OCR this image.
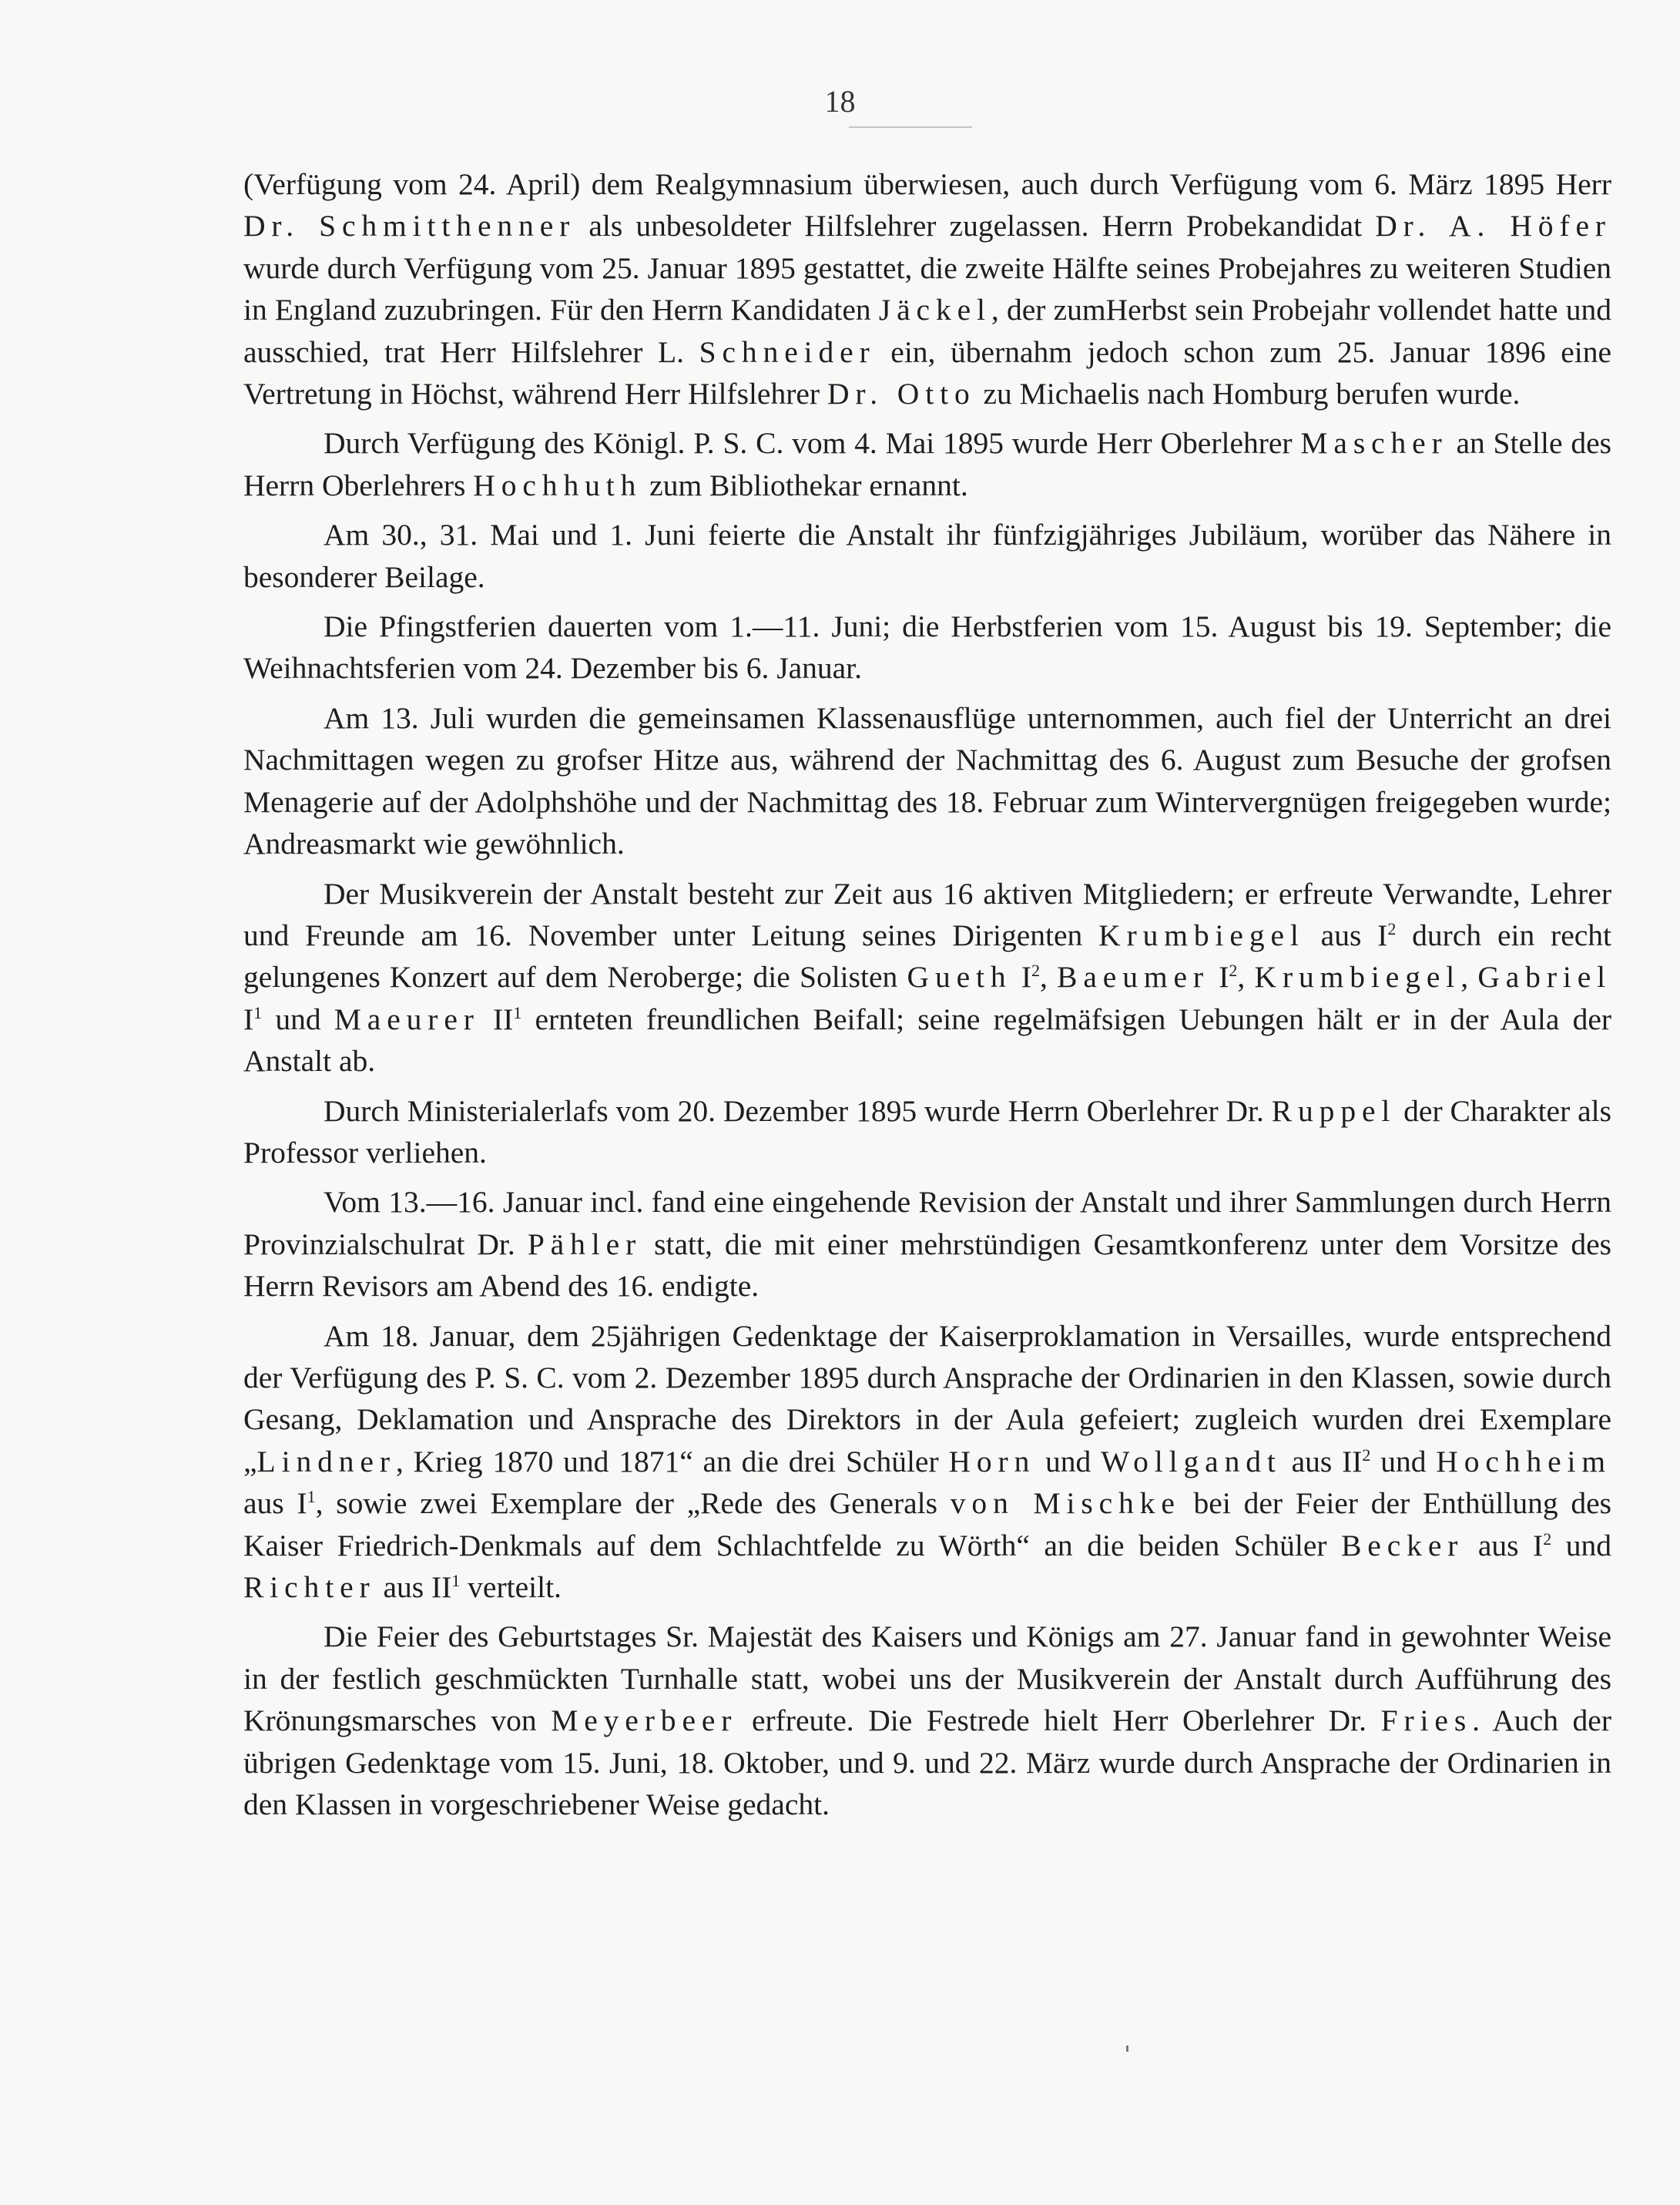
18

(Verfügung vom 24. April) dem Realgymnasium überwiesen, auch durch Verfügung vom 6. März 1895 Herr Dr. Schmitthenner als unbesoldeter Hilfslehrer zugelassen. Herrn Probekandidat Dr. A. Höfer wurde durch Verfügung vom 25. Januar 1895 gestattet, die zweite Hälfte seines Probejahres zu weiteren Studien in England zuzubringen. Für den Herrn Kandidaten Jäckel, der zumHerbst sein Probejahr vollendet hatte und ausschied, trat Herr Hilfslehrer L. Schneider ein, übernahm jedoch schon zum 25. Januar 1896 eine Vertretung in Höchst, während Herr Hilfslehrer Dr. Otto zu Michaelis nach Homburg berufen wurde.

Durch Verfügung des Königl. P. S. C. vom 4. Mai 1895 wurde Herr Oberlehrer Mascher an Stelle des Herrn Oberlehrers Hochhuth zum Bibliothekar ernannt.

Am 30., 31. Mai und 1. Juni feierte die Anstalt ihr fünfzigjähriges Jubiläum, worüber das Nähere in besonderer Beilage.

Die Pfingstferien dauerten vom 1.—11. Juni; die Herbstferien vom 15. August bis 19. September; die Weihnachtsferien vom 24. Dezember bis 6. Januar.

Am 13. Juli wurden die gemeinsamen Klassenausflüge unternommen, auch fiel der Unterricht an drei Nachmittagen wegen zu grofser Hitze aus, während der Nachmittag des 6. August zum Besuche der grofsen Menagerie auf der Adolphshöhe und der Nachmittag des 18. Februar zum Wintervergnügen freigegeben wurde; Andreasmarkt wie gewöhnlich.

Der Musikverein der Anstalt besteht zur Zeit aus 16 aktiven Mitgliedern; er erfreute Verwandte, Lehrer und Freunde am 16. November unter Leitung seines Dirigenten Krumbiegel aus $I^2$ durch ein recht gelungenes Konzert auf dem Neroberge; die Solisten Gueth $I^2$, Baeumer $I^2$, Krumbiegel, Gabriel $I^1$ und Maeurer $II^1$ ernteten freundlichen Beifall; seine regelmäfsigen Uebungen hält er in der Aula der Anstalt ab.

Durch Ministerialerlafs vom 20. Dezember 1895 wurde Herrn Oberlehrer Dr. Ruppel der Charakter als Professor verliehen.

Vom 13.—16. Januar incl. fand eine eingehende Revision der Anstalt und ihrer Sammlungen durch Herrn Provinzialschulrat Dr. Pähler statt, die mit einer mehrstündigen Gesamtkonferenz unter dem Vorsitze des Herrn Revisors am Abend des 16. endigte.

Am 18. Januar, dem 25jährigen Gedenktage der Kaiserproklamation in Versailles, wurde entsprechend der Verfügung des P. S. C. vom 2. Dezember 1895 durch Ansprache der Ordinarien in den Klassen, sowie durch Gesang, Deklamation und Ansprache des Direktors in der Aula gefeiert; zugleich wurden drei Exemplare „Lindner, Krieg 1870 und 1871“ an die drei Schüler Horn und Wollgandt aus $II^2$ und Hochheim aus $I^1$, sowie zwei Exemplare der „Rede des Generals von Mischke bei der Feier der Enthüllung des Kaiser Friedrich-Denkmals auf dem Schlachtfelde zu Wörth“ an die beiden Schüler Becker aus $I^2$ und Richter aus $II^1$ verteilt.

Die Feier des Geburtstages Sr. Majestät des Kaisers und Königs am 27. Januar fand in gewohnter Weise in der festlich geschmückten Turnhalle statt, wobei uns der Musikverein der Anstalt durch Aufführung des Krönungsmarsches von Meyerbeer erfreute. Die Festrede hielt Herr Oberlehrer Dr. Fries. Auch der übrigen Gedenktage vom 15. Juni, 18. Oktober, und 9. und 22. März wurde durch Ansprache der Ordinarien in den Klassen in vorgeschriebener Weise gedacht.
